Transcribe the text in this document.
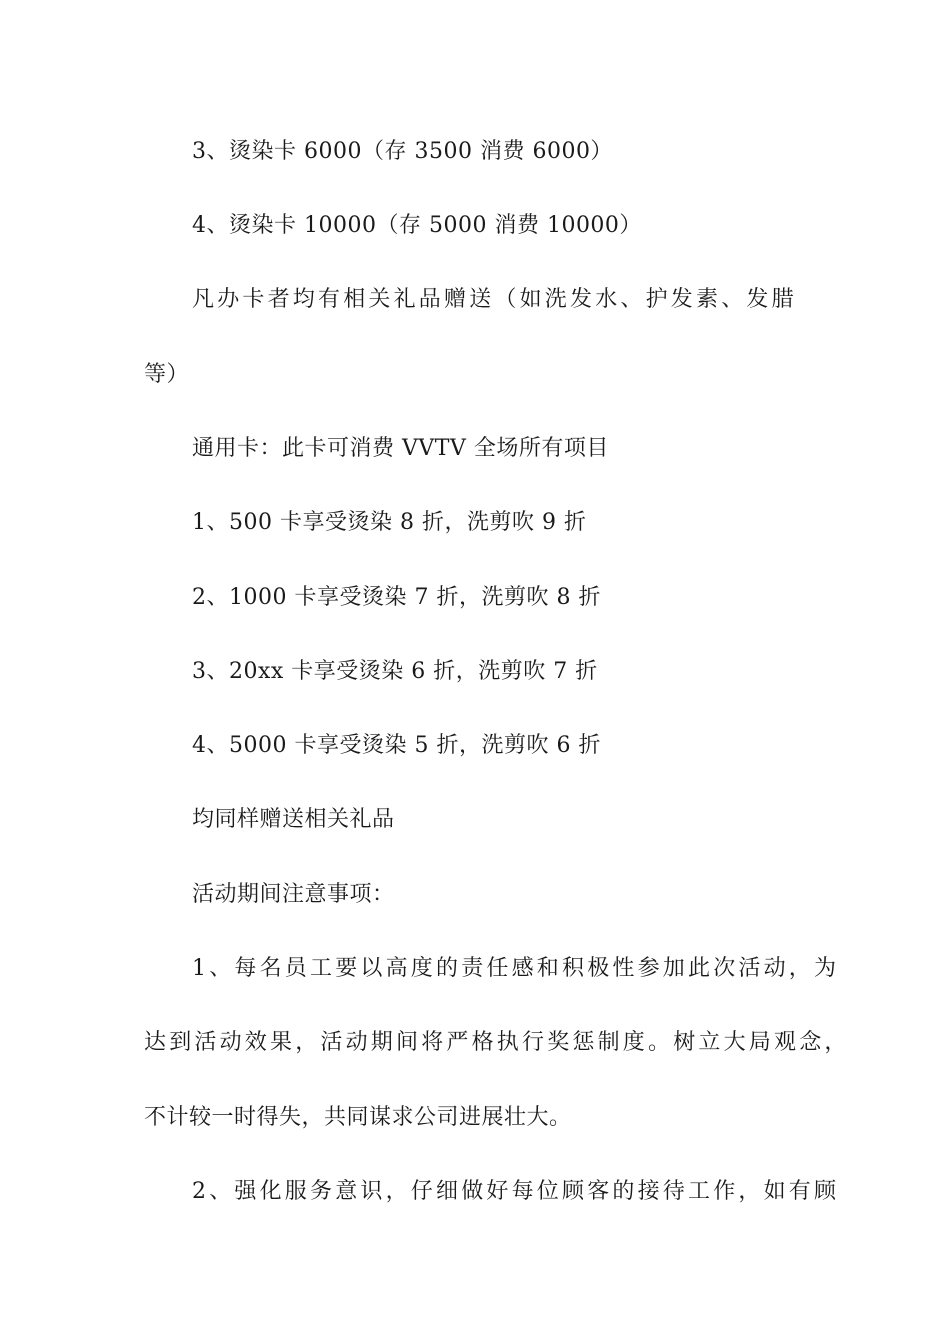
3、烫染卡 6000（存 3500 消费 6000）
4、烫染卡 10000（存 5000 消费 10000）
凡办卡者均有相关礼品赠送（如洗发水、护发素、发腊
等）
通用卡：此卡可消费 VVTV 全场所有项目
1、500 卡享受烫染 8 折，洗剪吹 9 折
2、1000 卡享受烫染 7 折，洗剪吹 8 折
3、20xx 卡享受烫染 6 折，洗剪吹 7 折
4、5000 卡享受烫染 5 折，洗剪吹 6 折
均同样赠送相关礼品
活动期间注意事项：
1、每名员工要以高度的责任感和积极性参加此次活动，为
达到活动效果，活动期间将严格执行奖惩制度。树立大局观念，
不计较一时得失，共同谋求公司进展壮大。
2、强化服务意识，仔细做好每位顾客的接待工作，如有顾
